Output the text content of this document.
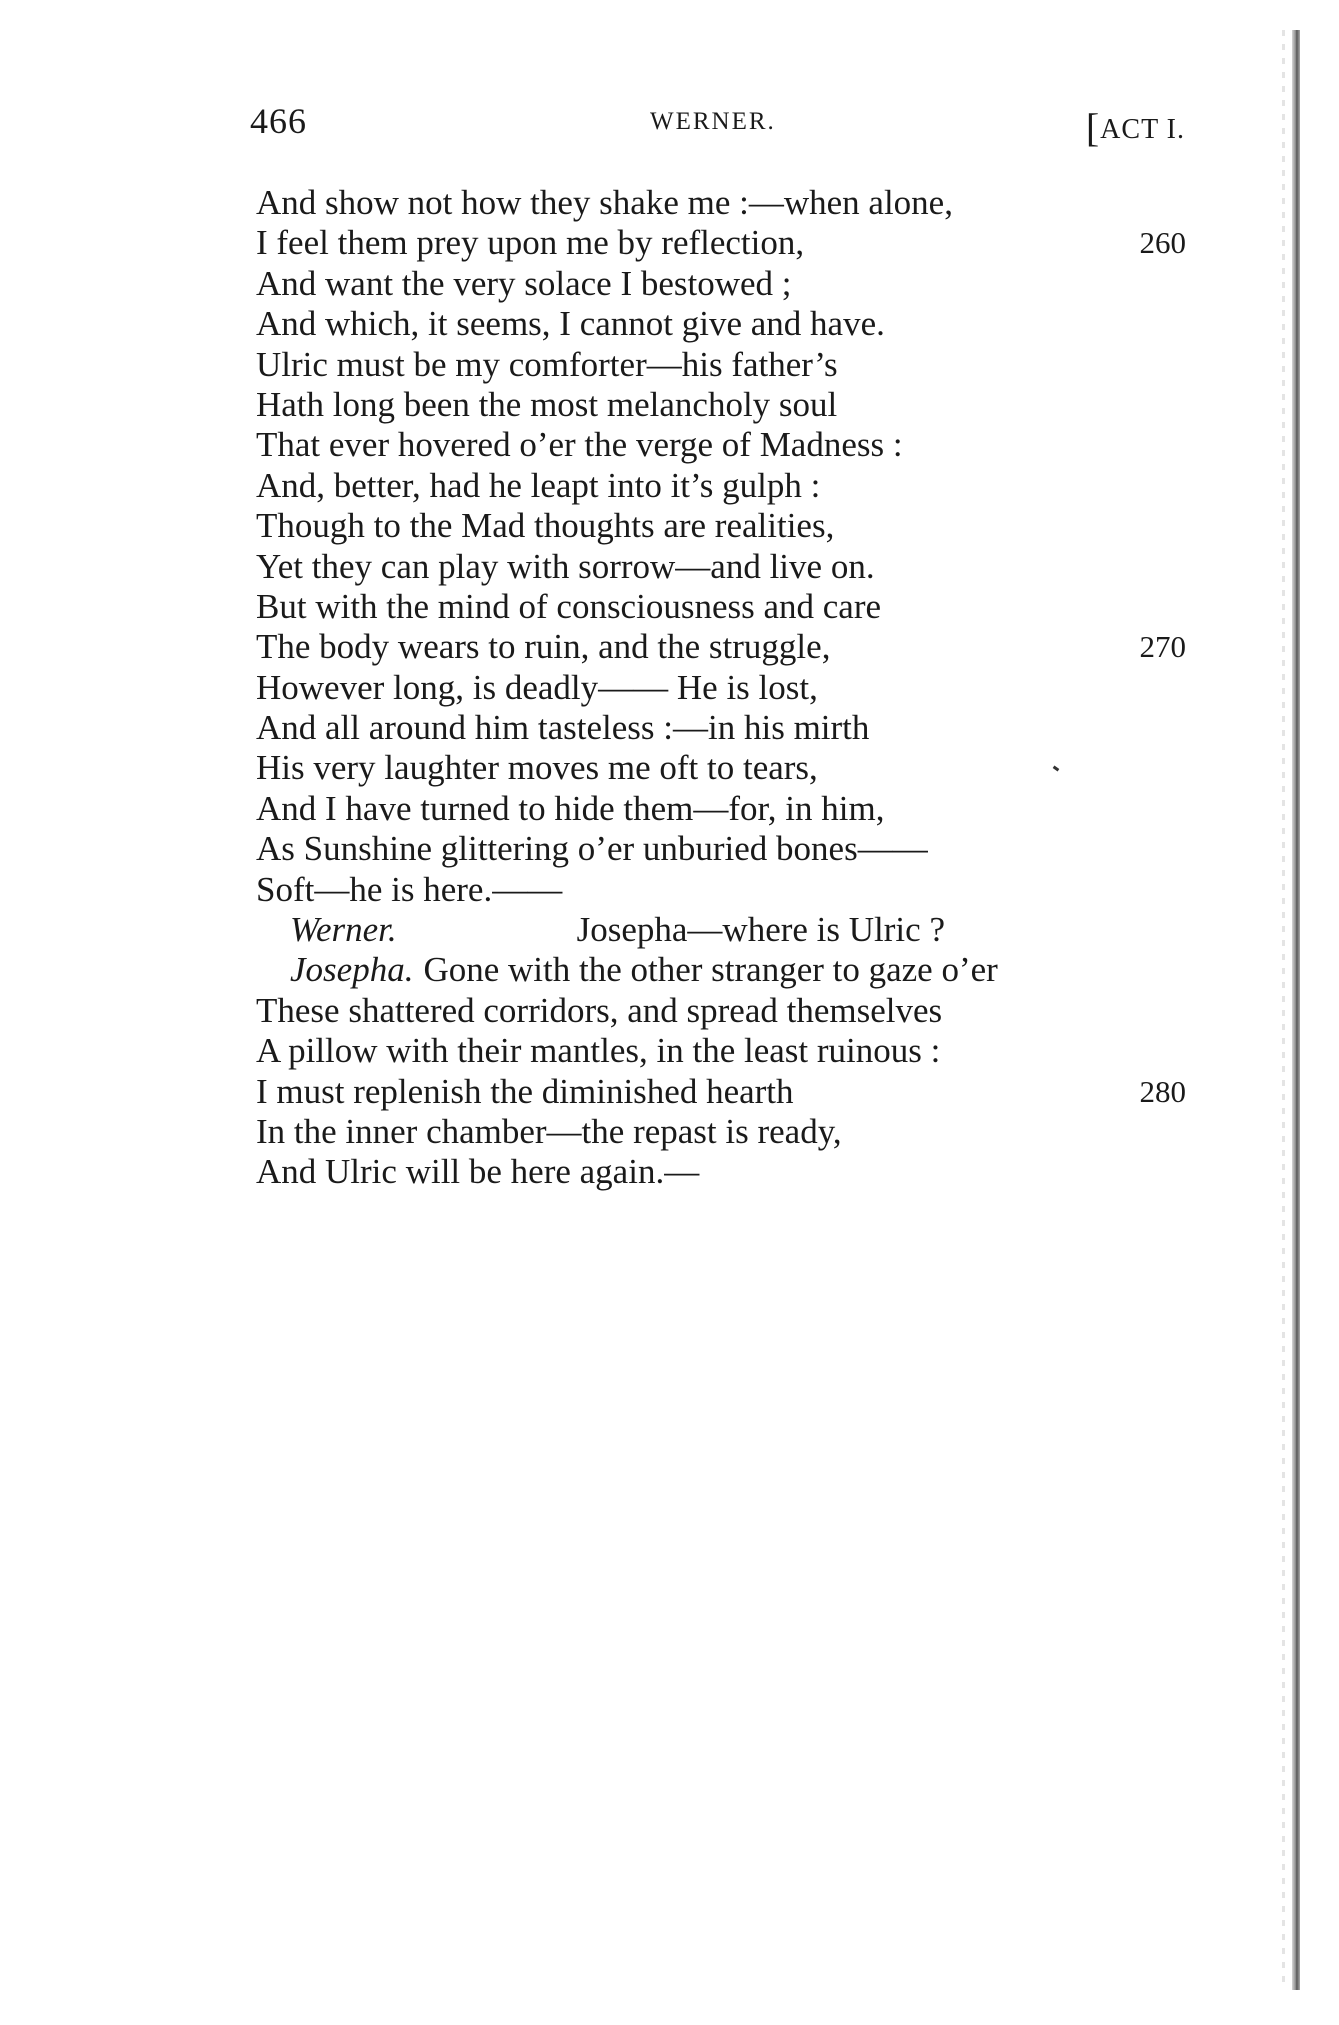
466	WERNER.	[ACT I.
And show not how they shake me :—when alone,
I feel them prey upon me by reflection,	260
And want the very solace I bestowed ;
And which, it seems, I cannot give and have.
Ulric must be my comforter—his father’s
Hath long been the most melancholy soul
That ever hovered o’er the verge of Madness :
And, better, had he leapt into it’s gulph :
Though to the Mad thoughts are realities,
Yet they can play with sorrow—and live on.
But with the mind of consciousness and care
The body wears to ruin, and the struggle,	270
However long, is deadly—— He is lost,
And all around him tasteless :—in his mirth
His very laughter moves me oft to tears,
And I have turned to hide them—for, in him,
As Sunshine glittering o’er unburied bones——
Soft—he is here.——
Werner.	Josepha—where is Ulric ?
Josepha. Gone with the other stranger to gaze o’er
These shattered corridors, and spread themselves
A pillow with their mantles, in the least ruinous :
I must replenish the diminished hearth	280
In the inner chamber—the repast is ready,
And Ulric will be here again.—
